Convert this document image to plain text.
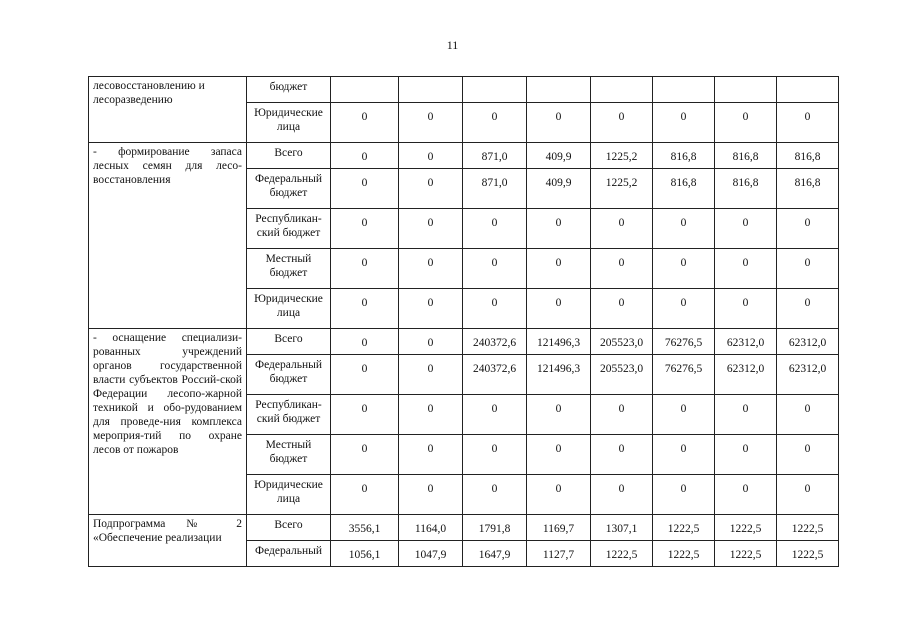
11
лесовосстановлению и
лесоразведению	бюджет								
	Юридические
лица	0	0	0	0	0	0	0	0
- формирование запаса лесных семян для лесо-восстановления	Всего	0	0	871,0	409,9	1225,2	816,8	816,8	816,8
	Федеральный
бюджет	0	0	871,0	409,9	1225,2	816,8	816,8	816,8
	Республикан-
ский бюджет	0	0	0	0	0	0	0	0
	Местный
бюджет	0	0	0	0	0	0	0	0
	Юридические
лица	0	0	0	0	0	0	0	0
- оснащение специализи-рованных учреждений органов государственной власти субъектов Россий-ской Федерации лесопо-жарной техникой и обо-рудованием для проведе-ния комплекса мероприя-тий по охране лесов от пожаров	Всего	0	0	240372,6	121496,3	205523,0	76276,5	62312,0	62312,0
	Федеральный
бюджет	0	0	240372,6	121496,3	205523,0	76276,5	62312,0	62312,0
	Республикан-
ский бюджет	0	0	0	0	0	0	0	0
	Местный
бюджет	0	0	0	0	0	0	0	0
	Юридические
лица	0	0	0	0	0	0	0	0
Подпрограмма № 2 «Обеспечение реализации	Всего	3556,1	1164,0	1791,8	1169,7	1307,1	1222,5	1222,5	1222,5
	Федеральный	1056,1	1047,9	1647,9	1127,7	1222,5	1222,5	1222,5	1222,5
